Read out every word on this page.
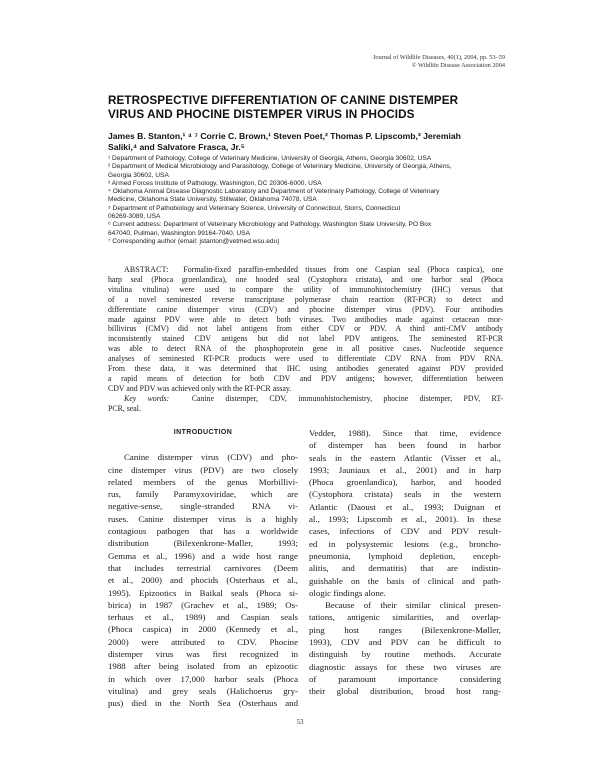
Journal of Wildlife Diseases, 40(1), 2004, pp. 53–59
© Wildlife Disease Association 2004
RETROSPECTIVE DIFFERENTIATION OF CANINE DISTEMPER
VIRUS AND PHOCINE DISTEMPER VIRUS IN PHOCIDS
James B. Stanton,¹ ⁴ ⁷ Corrie C. Brown,¹ Steven Poet,² Thomas P. Lipscomb,³ Jeremiah
Saliki,⁴ and Salvatore Frasca, Jr.⁵
¹ Department of Pathology, College of Veterinary Medicine, University of Georgia, Athens, Georgia 30602, USA
² Department of Medical Microbiology and Parasitology, College of Veterinary Medicine, University of Georgia, Athens,
Georgia 30602, USA
³ Armed Forces Institute of Pathology, Washington, DC 20306-6000, USA
⁴ Oklahoma Animal Disease Diagnostic Laboratory and Department of Veterinary Pathology, College of Veterinary
Medicine, Oklahoma State University, Stillwater, Oklahoma 74078, USA
⁵ Department of Pathobiology and Veterinary Science, University of Connecticut, Storrs, Connecticut
06269-3089, USA
⁶ Current address: Department of Veterinary Microbiology and Pathology, Washington State University, PO Box
647040, Pullman, Washington 99164-7040, USA
⁷ Corresponding author (email: jstanton@vetmed.wsu.edu)
ABSTRACT: Formalin-fixed paraffin-embedded tissues from one Caspian seal (Phoca caspica), one
harp seal (Phoca groenlandica), one hooded seal (Cystophora cristata), and one harbor seal (Phoca
vitulina vitulina) were used to compare the utility of immunohistochemistry (IHC) versus that
of a novel seminested reverse transcriptase polymerase chain reaction (RT-PCR) to detect and
differentiate canine distemper virus (CDV) and phocine distemper virus (PDV). Four antibodies
made against PDV were able to detect both viruses. Two antibodies made against cetacean mor-
billivirus (CMV) did not label antigens from either CDV or PDV. A third anti-CMV antibody
inconsistently stained CDV antigens but did not label PDV antigens. The seminested RT-PCR
was able to detect RNA of the phosphoprotein gene in all positive cases. Nucleotide sequence
analyses of seminested RT-PCR products were used to differentiate CDV RNA from PDV RNA.
From these data, it was determined that IHC using antibodies generated against PDV provided
a rapid means of detection for both CDV and PDV antigens; however, differentiation between
CDV and PDV was achieved only with the RT-PCR assay.
Key words:	Canine distemper, CDV, immunohistochemistry, phocine distemper, PDV, RT-
PCR, seal.
INTRODUCTION
Canine distemper virus (CDV) and pho-
cine distemper virus (PDV) are two closely
related members of the genus Morbillivi-
rus, family Paramyxoviridae, which are
negative-sense, single-stranded RNA vi-
ruses. Canine distemper virus is a highly
contagious pathogen that has a worldwide
distribution (Bilexenkrone-Møller, 1993;
Gemma et al., 1996) and a wide host range
that includes terrestrial carnivores (Deem
et al., 2000) and phocids (Osterhaus et al.,
1995). Epizootics in Baikal seals (Phoca si-
birica) in 1987 (Grachev et al., 1989; Os-
terhaus et al., 1989) and Caspian seals
(Phoca caspica) in 2000 (Kennedy et al.,
2000) were attributed to CDV. Phocine
distemper virus was first recognized in
1988 after being isolated from an epizootic
in which over 17,000 harbor seals (Phoca
vitulina) and grey seals (Halichoerus gry-
pus) died in the North Sea (Osterhaus and
Vedder, 1988). Since that time, evidence
of distemper has been found in harbor
seals in the eastern Atlantic (Visser et al.,
1993; Jauniaux et al., 2001) and in harp
(Phoca groenlandica), harbor, and hooded
(Cystophora cristata) seals in the western
Atlantic (Daoust et al., 1993; Duignan et
al., 1993; Lipscomb et al., 2001). In these
cases, infections of CDV and PDV result-
ed in polysystemic lesions (e.g., broncho-
pneumonia, lymphoid depletion, enceph-
alitis, and dermatitis) that are indistin-
guishable on the basis of clinical and path-
ologic findings alone.
Because of their similar clinical presen-
tations, antigenic similarities, and overlap-
ping host ranges (Bilexenkrone-Møller,
1993), CDV and PDV can be difficult to
distinguish by routine methods. Accurate
diagnostic assays for these two viruses are
of paramount importance considering
their global distribution, broad host rang-
53
